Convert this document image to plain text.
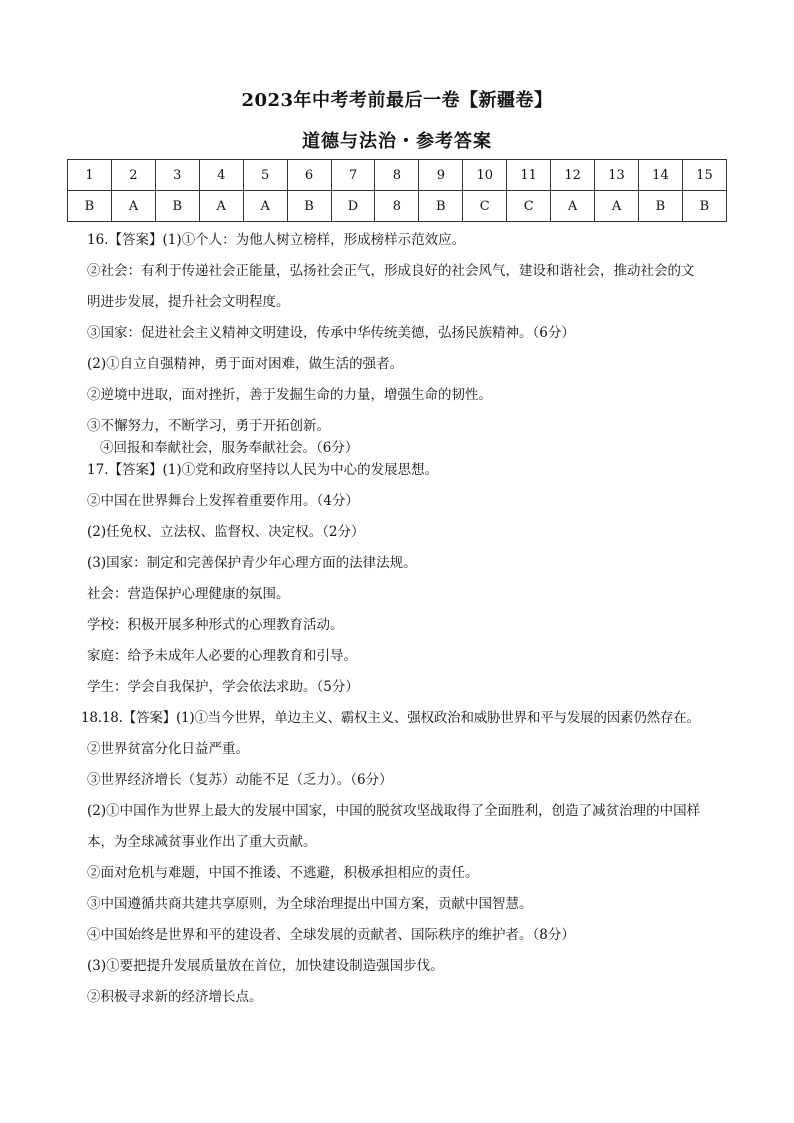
2023年中考考前最后一卷【新疆卷】
道德与法治・参考答案
1	2	3	4	5	6	7	8	9	10	11	12	13	14	15
B	A	B	A	A	B	D	8	B	C	C	A	A	B	B
16.【答案】(1)①个人：为他人树立榜样，形成榜样示范效应。
②社会：有利于传递社会正能量，弘扬社会正气，形成良好的社会风气，建设和谐社会，推动社会的文
明进步发展，提升社会文明程度。
③国家：促进社会主义精神文明建设，传承中华传统美德，弘扬民族精神。（6分）
(2)①自立自强精神，勇于面对困难，做生活的强者。
②逆境中进取，面对挫折，善于发掘生命的力量，增强生命的韧性。
③不懈努力，不断学习，勇于开拓创新。
④回报和奉献社会，服务奉献社会。（6分）
17.【答案】(1)①党和政府坚持以人民为中心的发展思想。
②中国在世界舞台上发挥着重要作用。（4分）
(2)任免权、立法权、监督权、决定权。（2分）
(3)国家：制定和完善保护青少年心理方面的法律法规。
社会：营造保护心理健康的氛围。
学校：积极开展多种形式的心理教育活动。
家庭：给予未成年人必要的心理教育和引导。
学生：学会自我保护，学会依法求助。（5分）
18.18.【答案】(1)①当今世界，单边主义、霸权主义、强权政治和威胁世界和平与发展的因素仍然存在。
②世界贫富分化日益严重。
③世界经济增长（复苏）动能不足（乏力）。（6分）
(2)①中国作为世界上最大的发展中国家，中国的脱贫攻坚战取得了全面胜利，创造了减贫治理的中国样
本，为全球减贫事业作出了重大贡献。
②面对危机与难题，中国不推诿、不逃避，积极承担相应的责任。
③中国遵循共商共建共享原则，为全球治理提出中国方案，贡献中国智慧。
④中国始终是世界和平的建设者、全球发展的贡献者、国际秩序的维护者。（8分）
(3)①要把提升发展质量放在首位，加快建设制造强国步伐。
②积极寻求新的经济增长点。
